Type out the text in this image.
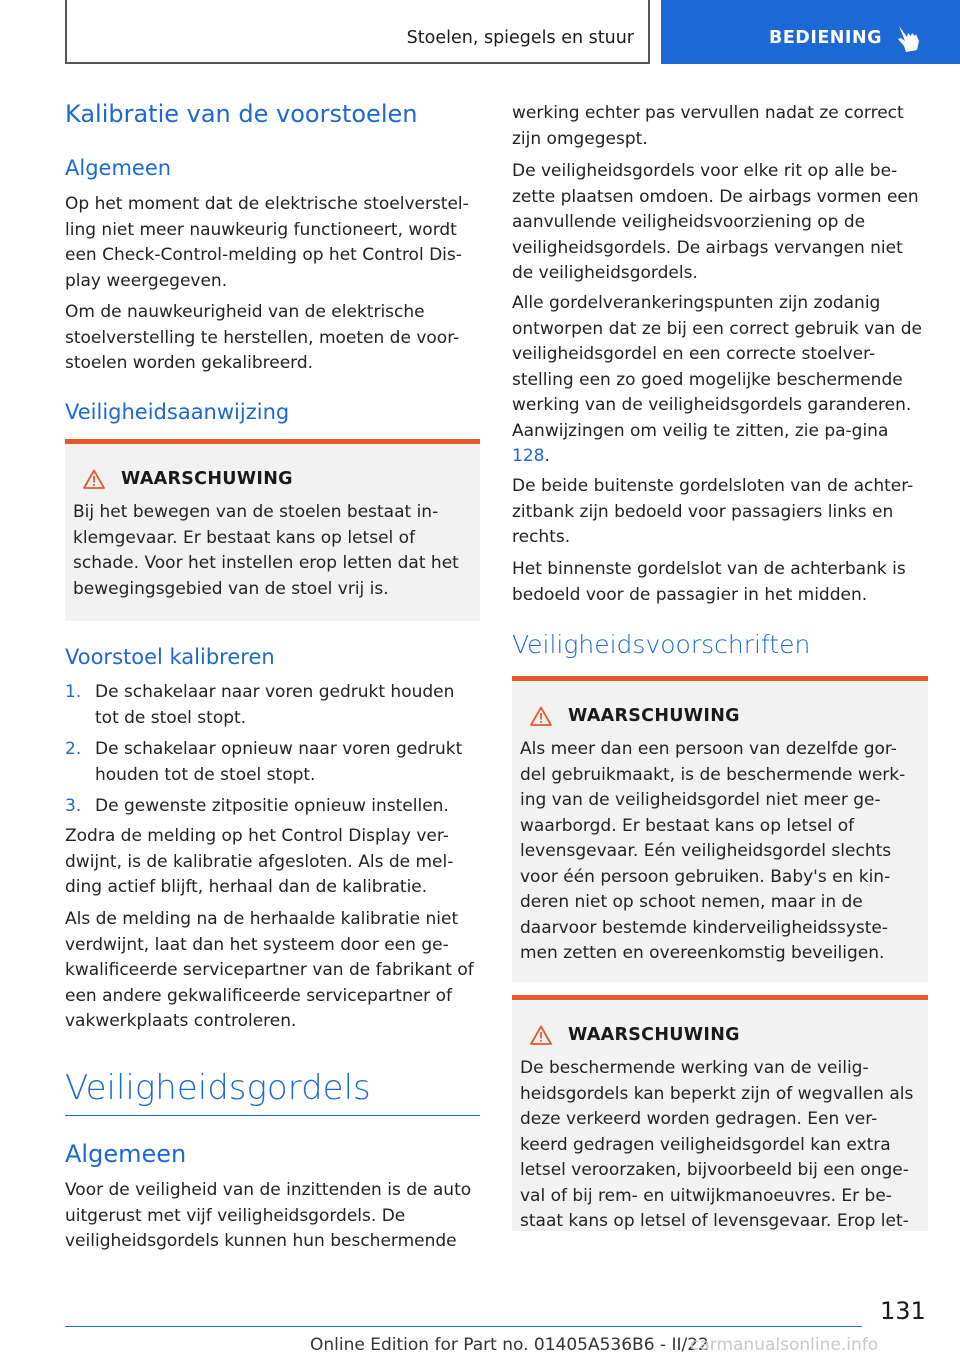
Stoelen, spiegels en stuur	BEDIENING
Kalibratie van de voorstoelen
Algemeen

Op het moment dat de elektrische stoelverstel-ling niet meer nauwkeurig functioneert, wordt een Check-Control-melding op het Control Dis-play weergegeven.

Om de nauwkeurigheid van de elektrische stoelverstelling te herstellen, moeten de voor-stoelen worden gekalibreerd.

Veiligheidsaanwijzing
WAARSCHUWING

Bij het bewegen van de stoelen bestaat in-klemgevaar. Er bestaat kans op letsel of schade. Voor het instellen erop letten dat het bewegingsgebied van de stoel vrij is.

Voorstoel kalibreren
1. De schakelaar naar voren gedrukt houden tot de stoel stopt.
2. De schakelaar opnieuw naar voren gedrukt houden tot de stoel stopt.
3. De gewenste zitpositie opnieuw instellen.

Zodra de melding op het Control Display ver-dwijnt, is de kalibratie afgesloten. Als de mel-ding actief blijft, herhaal dan de kalibratie.

Als de melding na de herhaalde kalibratie niet verdwijnt, laat dan het systeem door een ge-kwalificeerde servicepartner van de fabrikant of een andere gekwalificeerde servicepartner of vakwerkplaats controleren.

Veiligheidsgordels
Algemeen

Voor de veiligheid van de inzittenden is de auto uitgerust met vijf veiligheidsgordels. De veiligheidsgordels kunnen hun beschermende

werking echter pas vervullen nadat ze correct zijn omgegespt.

De veiligheidsgordels voor elke rit op alle be-zette plaatsen omdoen. De airbags vormen een aanvullende veiligheidsvoorziening op de veiligheidsgordels. De airbags vervangen niet de veiligheidsgordels.

Alle gordelverankeringspunten zijn zodanig ontworpen dat ze bij een correct gebruik van de veiligheidsgordel en een correcte stoelver-stelling een zo goed mogelijke beschermende werking van de veiligheidsgordels garanderen. Aanwijzingen om veilig te zitten, zie pa-gina 128.

De beide buitenste gordelsloten van de achter-zitbank zijn bedoeld voor passagiers links en rechts.

Het binnenste gordelslot van de achterbank is bedoeld voor de passagier in het midden.

Veiligheidsvoorschriften
WAARSCHUWING

Als meer dan een persoon van dezelfde gor-del gebruikmaakt, is de beschermende werk-ing van de veiligheidsgordel niet meer ge-waarborgd. Er bestaat kans op letsel of levensgevaar. Eén veiligheidsgordel slechts voor één persoon gebruiken. Baby's en kin-deren niet op schoot nemen, maar in de daarvoor bestemde kinderveiligheidssyste-men zetten en overeenkomstig beveiligen.

WAARSCHUWING

De beschermende werking van de veilig-heidsgordels kan beperkt zijn of wegvallen als deze verkeerd worden gedragen. Een ver-keerd gedragen veiligheidsgordel kan extra letsel veroorzaken, bijvoorbeeld bij een onge-val of bij rem- en uitwijkmanoeuvres. Er be-staat kans op letsel of levensgevaar. Erop let-

131
Online Edition for Part no. 01405A536B6 - II/22
carmanualsonline.info
